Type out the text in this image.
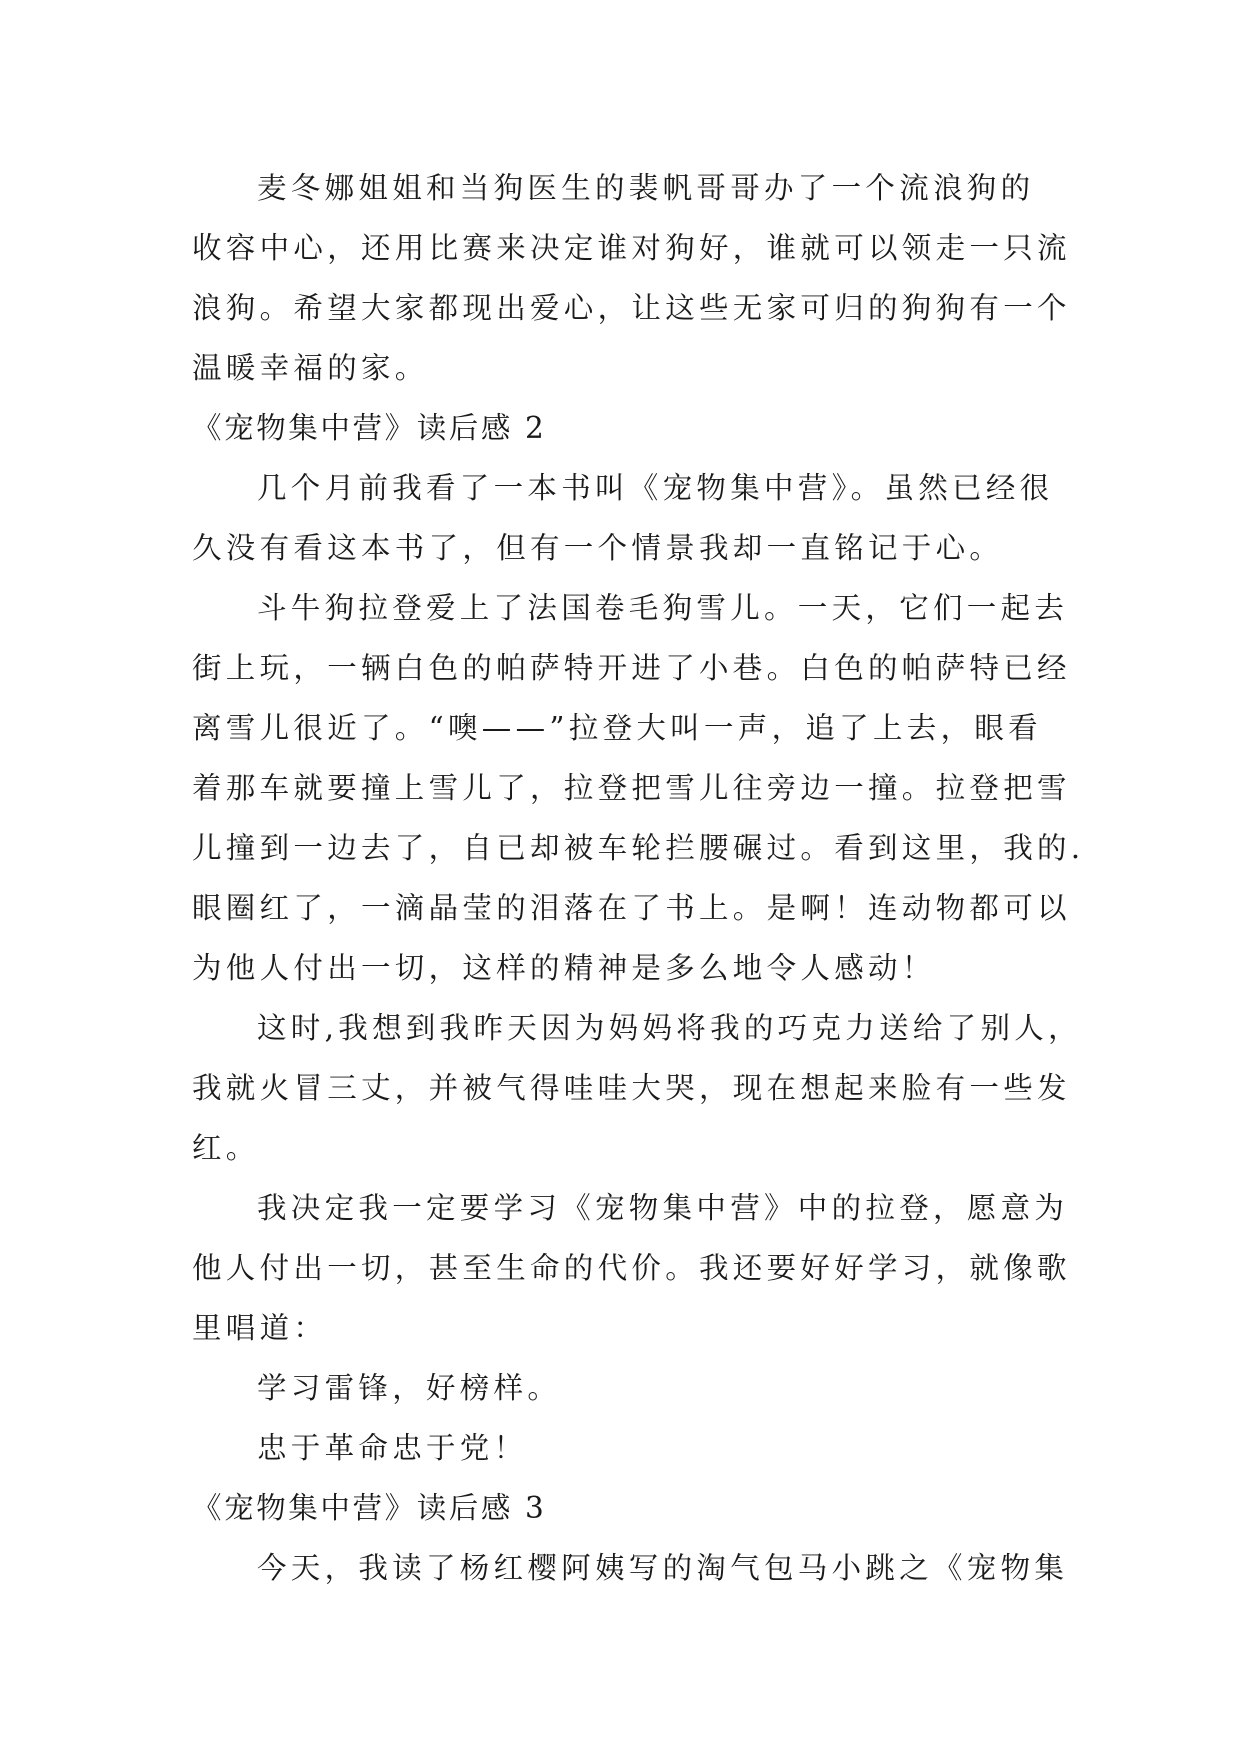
麦冬娜姐姐和当狗医生的裴帆哥哥办了一个流浪狗的
收容中心，还用比赛来决定谁对狗好，谁就可以领走一只流
浪狗。希望大家都现出爱心，让这些无家可归的狗狗有一个
温暖幸福的家。
《宠物集中营》读后感 2
几个月前我看了一本书叫《宠物集中营》。虽然已经很
久没有看这本书了，但有一个情景我却一直铭记于心。
斗牛狗拉登爱上了法国卷毛狗雪儿。一天，它们一起去
街上玩，一辆白色的帕萨特开进了小巷。白色的帕萨特已经
离雪儿很近了。“噢——”拉登大叫一声，追了上去，眼看
着那车就要撞上雪儿了，拉登把雪儿往旁边一撞。拉登把雪
儿撞到一边去了，自已却被车轮拦腰碾过。看到这里，我的.
眼圈红了，一滴晶莹的泪落在了书上。是啊！连动物都可以
为他人付出一切，这样的精神是多么地令人感动！
这时,我想到我昨天因为妈妈将我的巧克力送给了别人，
我就火冒三丈，并被气得哇哇大哭，现在想起来脸有一些发
红。
我决定我一定要学习《宠物集中营》中的拉登，愿意为
他人付出一切，甚至生命的代价。我还要好好学习，就像歌
里唱道：
学习雷锋，好榜样。
忠于革命忠于党！
《宠物集中营》读后感 3
今天，我读了杨红樱阿姨写的淘气包马小跳之《宠物集
